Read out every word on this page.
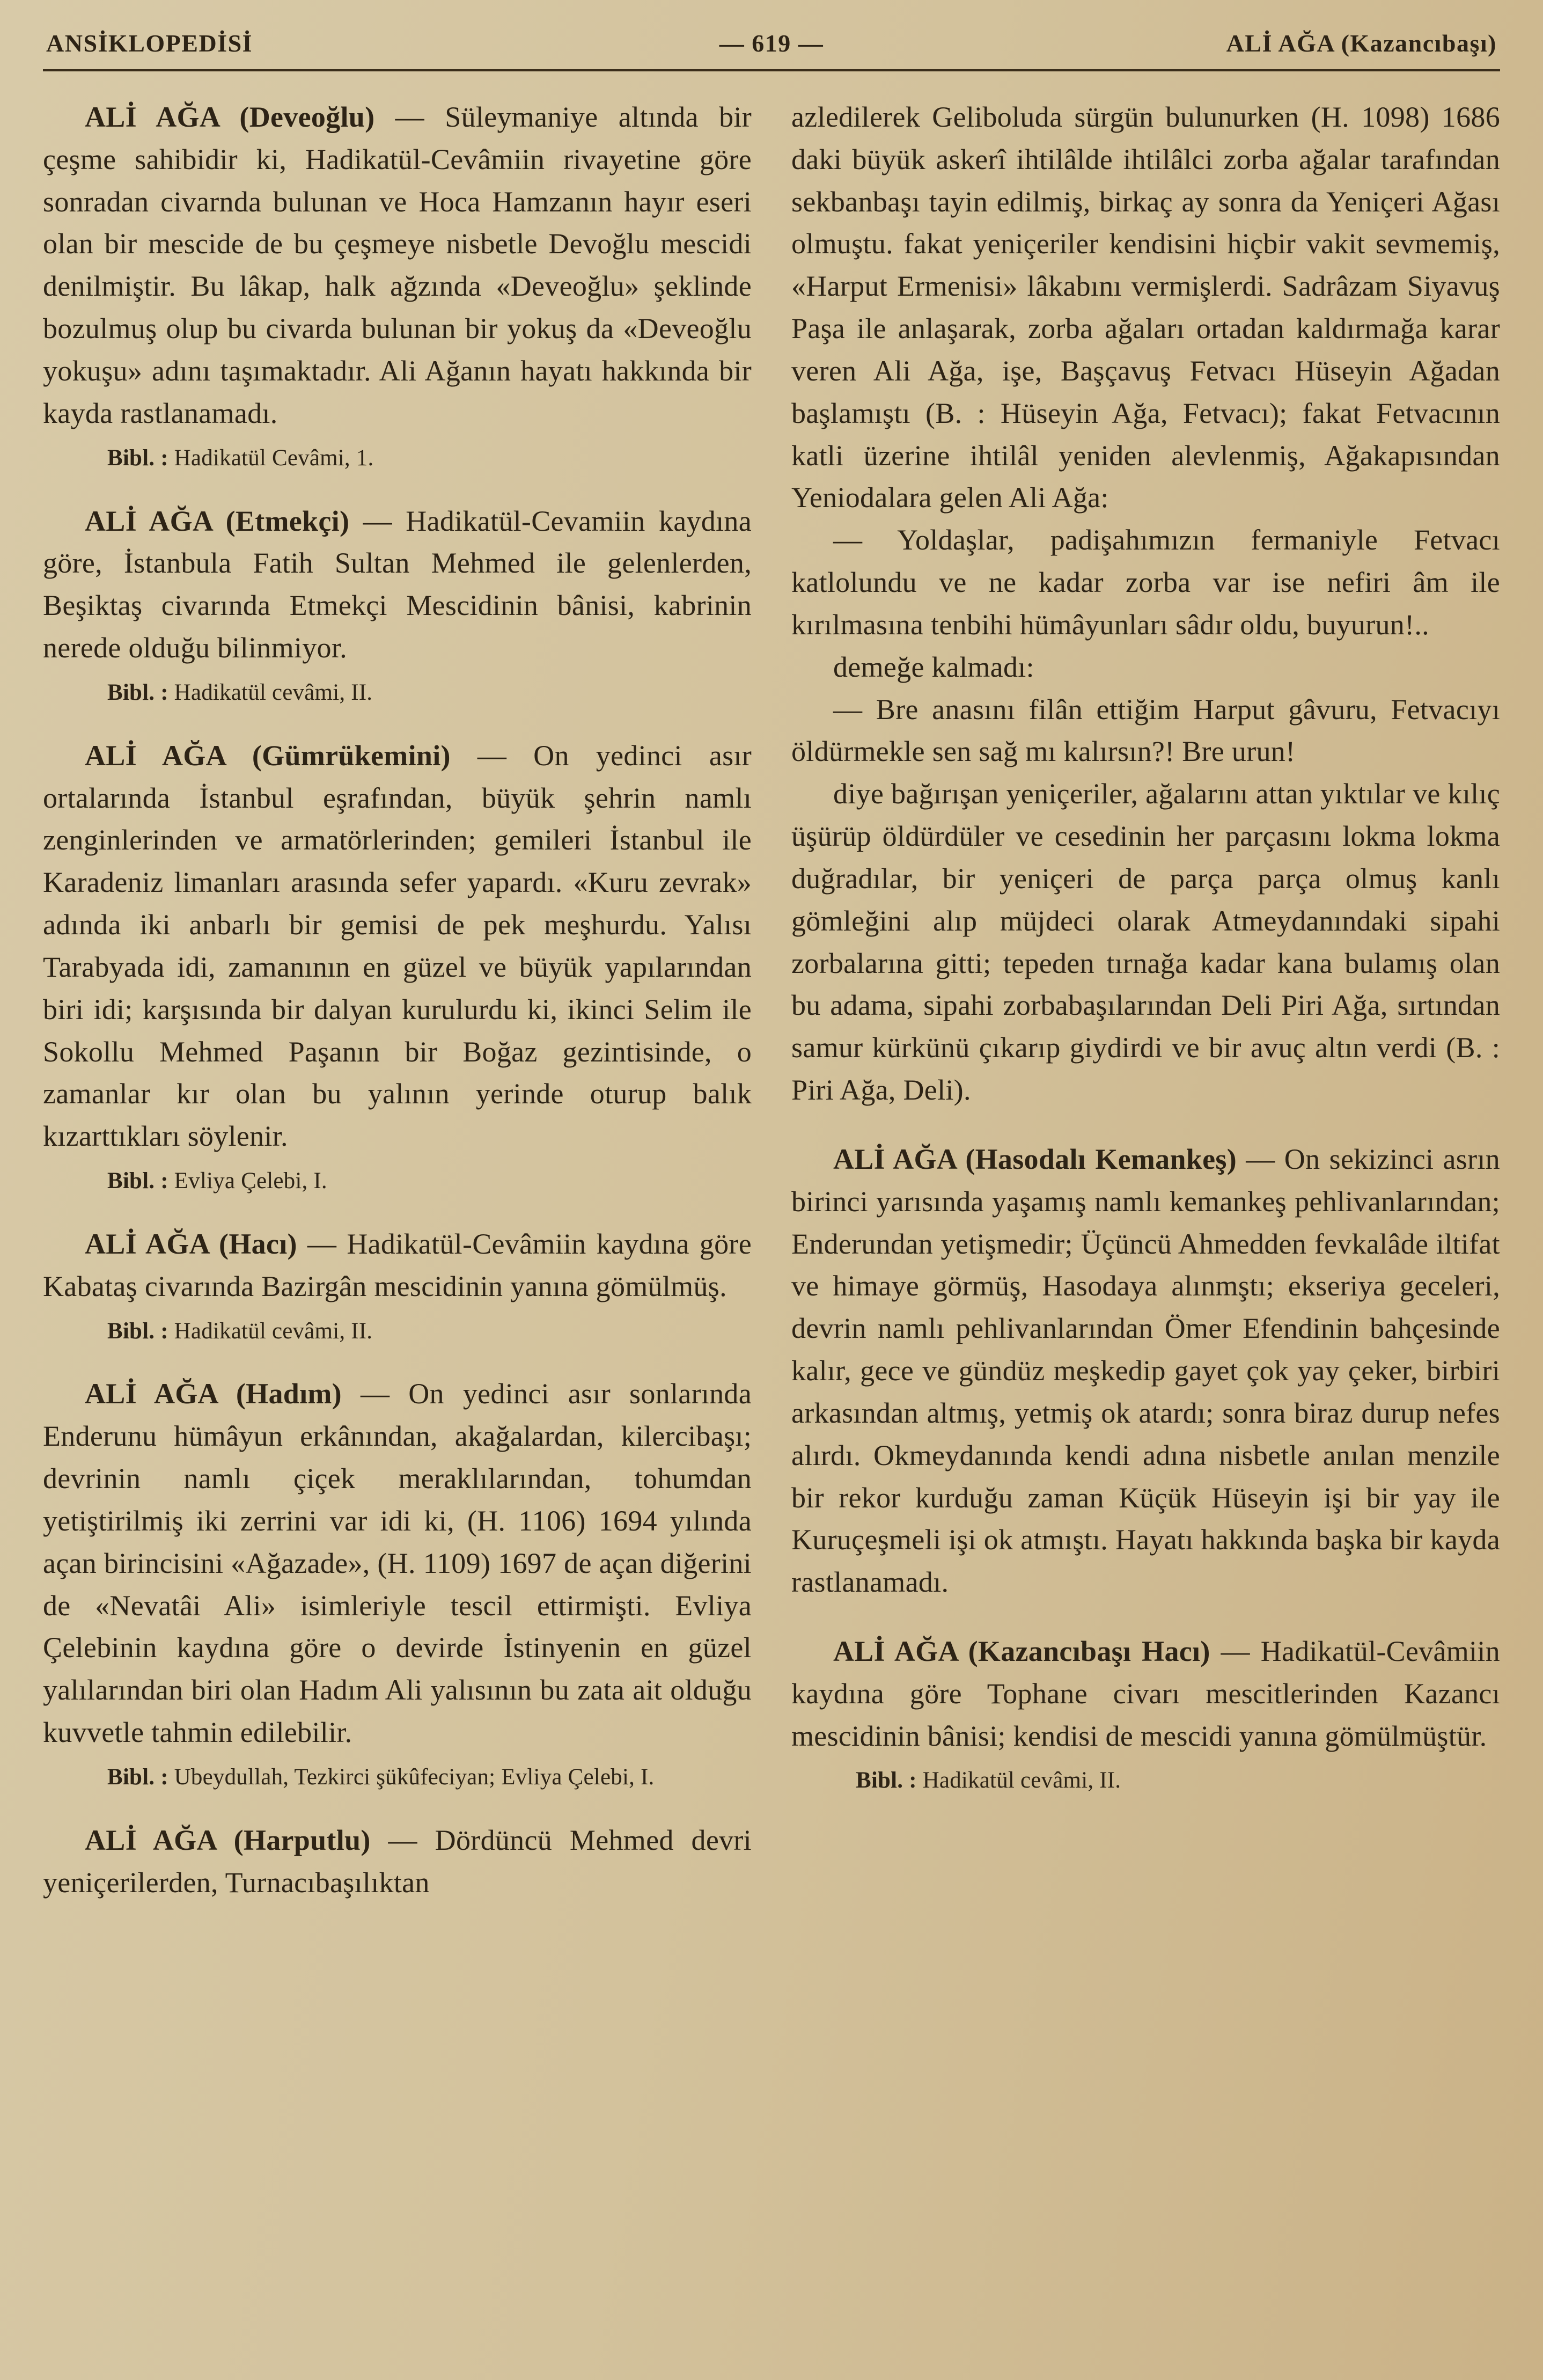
ANSİKLOPEDİSİ	— 619 —	ALİ AĞA (Kazancıbaşı)

ALİ AĞA (Deveoğlu) — Süleymaniye altında bir çeşme sahibidir ki, Hadikatül-Cevâmiin rivayetine göre sonradan civarnda bulunan ve Hoca Hamzanın hayır eseri olan bir mescide de bu çeşmeye nisbetle Devoğlu mescidi denilmiştir. Bu lâkap, halk ağzında «Deveoğlu» şeklinde bozulmuş olup bu civarda bulunan bir yokuş da «Deveoğlu yokuşu» adını taşımaktadır. Ali Ağanın hayatı hakkında bir kayda rastlanamadı.

Bibl. : Hadikatül Cevâmi, 1.

ALİ AĞA (Etmekçi) — Hadikatül-Cevamiin kaydına göre, İstanbula Fatih Sultan Mehmed ile gelenlerden, Beşiktaş civarında Etmekçi Mescidinin bânisi, kabrinin nerede olduğu bilinmiyor.

Bibl. : Hadikatül cevâmi, II.

ALİ AĞA (Gümrükemini) — On yedinci asır ortalarında İstanbul eşrafından, büyük şehrin namlı zenginlerinden ve armatörlerinden; gemileri İstanbul ile Karadeniz limanları arasında sefer yapardı. «Kuru zevrak» adında iki anbarlı bir gemisi de pek meşhurdu. Yalısı Tarabyada idi, zamanının en güzel ve büyük yapılarından biri idi; karşısında bir dalyan kurulurdu ki, ikinci Selim ile Sokollu Mehmed Paşanın bir Boğaz gezintisinde, o zamanlar kır olan bu yalının yerinde oturup balık kızarttıkları söylenir.

Bibl. : Evliya Çelebi, I.

ALİ AĞA (Hacı) — Hadikatül-Cevâmiin kaydına göre Kabataş civarında Bazirgân mescidinin yanına gömülmüş.

Bibl. : Hadikatül cevâmi, II.

ALİ AĞA (Hadım) — On yedinci asır sonlarında Enderunu hümâyun erkânından, akağalardan, kilercibaşı; devrinin namlı çiçek meraklılarından, tohumdan yetiştirilmiş iki zerrini var idi ki, (H. 1106) 1694 yılında açan birincisini «Ağazade», (H. 1109) 1697 de açan diğerini de «Nevatâi Ali» isimleriyle tescil ettirmişti. Evliya Çelebinin kaydına göre o devirde İstinyenin en güzel yalılarından biri olan Hadım Ali yalısının bu zata ait olduğu kuvvetle tahmin edilebilir.

Bibl. : Ubeydullah, Tezkirci şükûfeciyan; Evliya Çelebi, I.

ALİ AĞA (Harputlu) — Dördüncü Mehmed devri yeniçerilerden, Turnacıbaşılıktan

azledilerek Geliboluda sürgün bulunurken (H. 1098) 1686 daki büyük askerî ihtilâlde ihtilâlci zorba ağalar tarafından sekbanbaşı tayin edilmiş, birkaç ay sonra da Yeniçeri Ağası olmuştu. fakat yeniçeriler kendisini hiçbir vakit sevmemiş, «Harput Ermenisi» lâkabını vermişlerdi. Sadrâzam Siyavuş Paşa ile anlaşarak, zorba ağaları ortadan kaldırmağa karar veren Ali Ağa, işe, Başçavuş Fetvacı Hüseyin Ağadan başlamıştı (B. : Hüseyin Ağa, Fetvacı); fakat Fetvacının katli üzerine ihtilâl yeniden alevlenmiş, Ağakapısından Yeniodalara gelen Ali Ağa:

— Yoldaşlar, padişahımızın fermaniyle Fetvacı katlolundu ve ne kadar zorba var ise nefiri âm ile kırılmasına tenbihi hümâyunları sâdır oldu, buyurun!..

demeğe kalmadı:

— Bre anasını filân ettiğim Harput gâvuru, Fetvacıyı öldürmekle sen sağ mı kalırsın?! Bre urun!

diye bağırışan yeniçeriler, ağalarını attan yıktılar ve kılıç üşürüp öldürdüler ve cesedinin her parçasını lokma lokma duğradılar, bir yeniçeri de parça parça olmuş kanlı gömleğini alıp müjdeci olarak Atmeydanındaki sipahi zorbalarına gitti; tepeden tırnağa kadar kana bulamış olan bu adama, sipahi zorbabaşılarından Deli Piri Ağa, sırtından samur kürkünü çıkarıp giydirdi ve bir avuç altın verdi (B. : Piri Ağa, Deli).

ALİ AĞA (Hasodalı Kemankeş) — On sekizinci asrın birinci yarısında yaşamış namlı kemankeş pehlivanlarından; Enderundan yetişmedir; Üçüncü Ahmedden fevkalâde iltifat ve himaye görmüş, Hasodaya alınmştı; ekseriya geceleri, devrin namlı pehlivanlarından Ömer Efendinin bahçesinde kalır, gece ve gündüz meşkedip gayet çok yay çeker, birbiri arkasından altmış, yetmiş ok atardı; sonra biraz durup nefes alırdı. Okmeydanında kendi adına nisbetle anılan menzile bir rekor kurduğu zaman Küçük Hüseyin işi bir yay ile Kuruçeşmeli işi ok atmıştı. Hayatı hakkında başka bir kayda rastlanamadı.

ALİ AĞA (Kazancıbaşı Hacı) — Hadikatül-Cevâmiin kaydına göre Tophane civarı mescitlerinden Kazancı mescidinin bânisi; kendisi de mescidi yanına gömülmüştür.

Bibl. : Hadikatül cevâmi, II.
